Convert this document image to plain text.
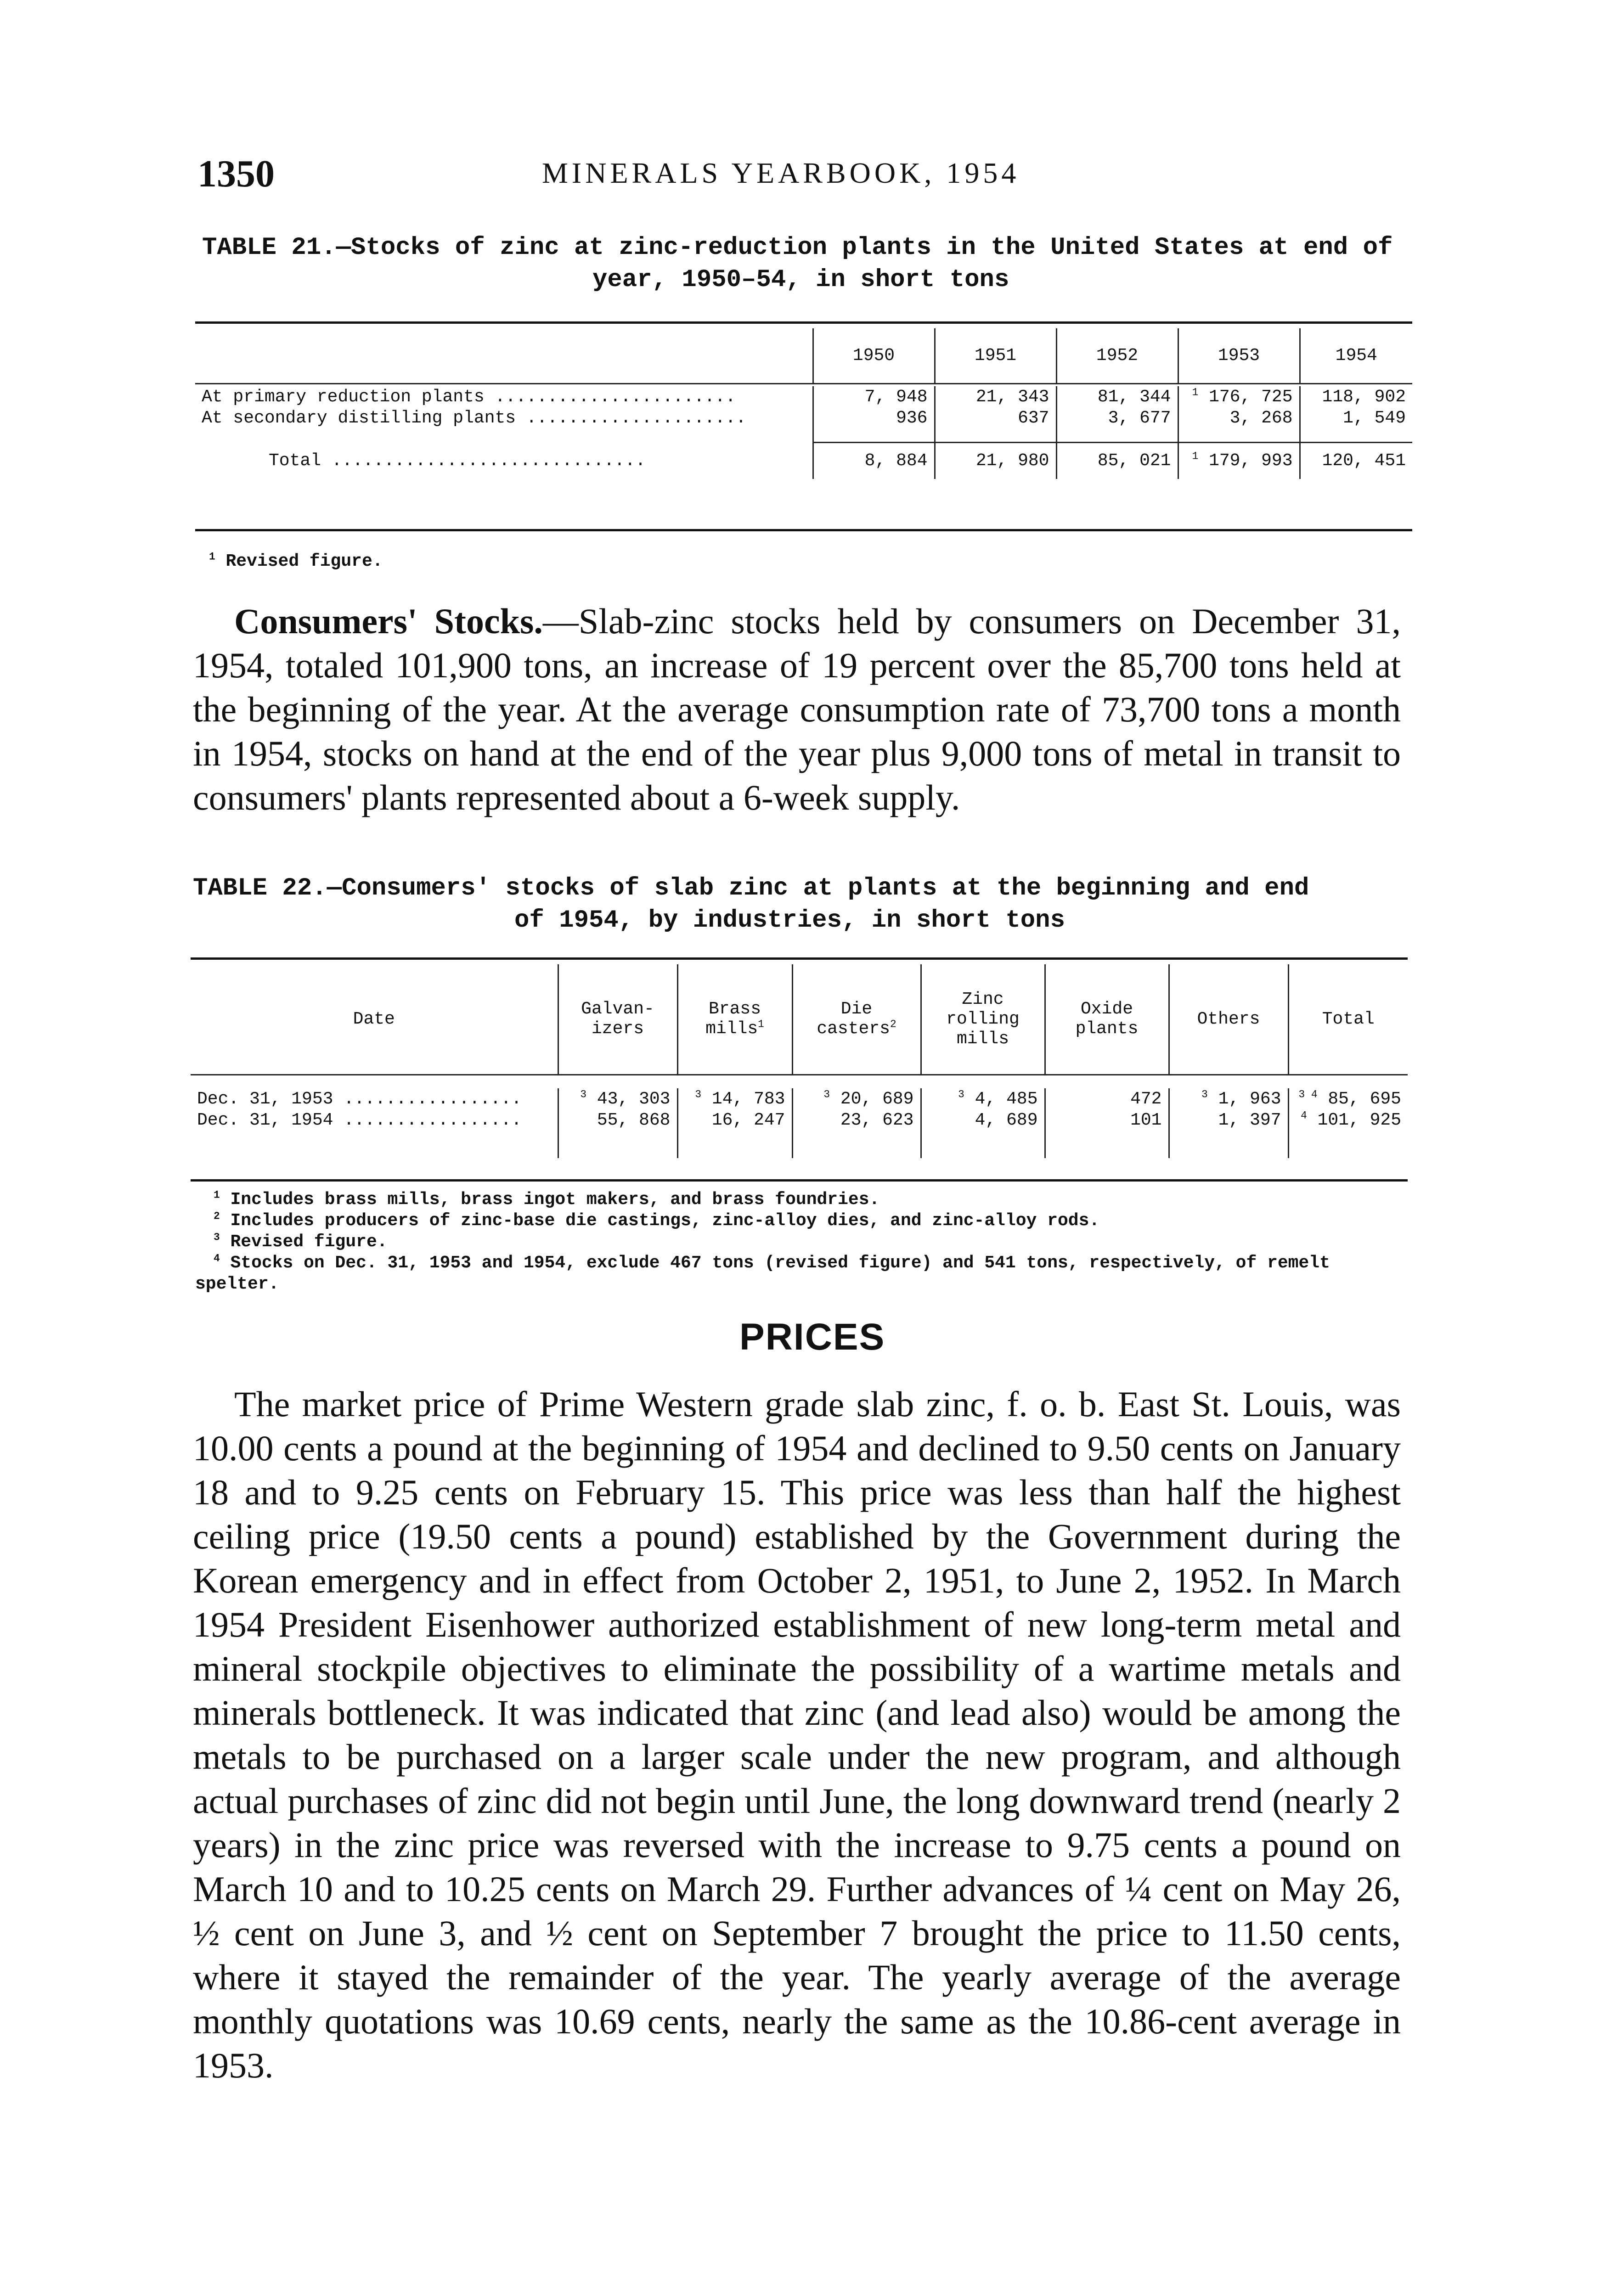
1350	MINERALS YEARBOOK, 1954
TABLE 21.—Stocks of zinc at zinc-reduction plants in the United States at end of
year, 1950–54, in short tons
	1950	1951	1952	1953	1954

At primary reduction plants .......................	7, 948	21, 343	81, 344	$^1$ 176, 725	118, 902
At secondary distilling plants .....................	936	637	3, 677	3, 268	1, 549

Total ..............................	8, 884	21, 980	85, 021	$^1$ 179, 993	120, 451
$^1$ Revised figure.
Consumers' Stocks.—Slab-zinc stocks held by consumers on December 31, 1954, totaled 101,900 tons, an increase of 19 percent over the 85,700 tons held at the beginning of the year. At the average consumption rate of 73,700 tons a month in 1954, stocks on hand at the end of the year plus 9,000 tons of metal in transit to consumers' plants represented about a 6-week supply.
TABLE 22.—Consumers' stocks of slab zinc at plants at the beginning and end
of 1954, by industries, in short tons
Date	Galvan-izers	Brass mills$^1$	Die casters$^2$	Zinc rolling mills	Oxide plants	Others	Total

Dec. 31, 1953 .................	$^3$ 43, 303	$^3$ 14, 783	$^3$ 20, 689	$^3$ 4, 485	472	$^3$ 1, 963	$^{3 4}$ 85, 695
Dec. 31, 1954 .................	55, 868	16, 247	23, 623	4, 689	101	1, 397	$^4$ 101, 925

$^1$ Includes brass mills, brass ingot makers, and brass foundries.
$^2$ Includes producers of zinc-base die castings, zinc-alloy dies, and zinc-alloy rods.
$^3$ Revised figure.
$^4$ Stocks on Dec. 31, 1953 and 1954, exclude 467 tons (revised figure) and 541 tons, respectively, of remelt spelter.
PRICES
The market price of Prime Western grade slab zinc, f. o. b. East St. Louis, was 10.00 cents a pound at the beginning of 1954 and declined to 9.50 cents on January 18 and to 9.25 cents on February 15. This price was less than half the highest ceiling price (19.50 cents a pound) established by the Government during the Korean emergency and in effect from October 2, 1951, to June 2, 1952. In March 1954 President Eisenhower authorized establishment of new long-term metal and mineral stockpile objectives to eliminate the possibility of a wartime metals and minerals bottleneck. It was indicated that zinc (and lead also) would be among the metals to be purchased on a larger scale under the new program, and although actual purchases of zinc did not begin until June, the long downward trend (nearly 2 years) in the zinc price was reversed with the increase to 9.75 cents a pound on March 10 and to 10.25 cents on March 29. Further advances of ¼ cent on May 26, ½ cent on June 3, and ½ cent on September 7 brought the price to 11.50 cents, where it stayed the remainder of the year. The yearly average of the average monthly quotations was 10.69 cents, nearly the same as the 10.86-cent average in 1953.
